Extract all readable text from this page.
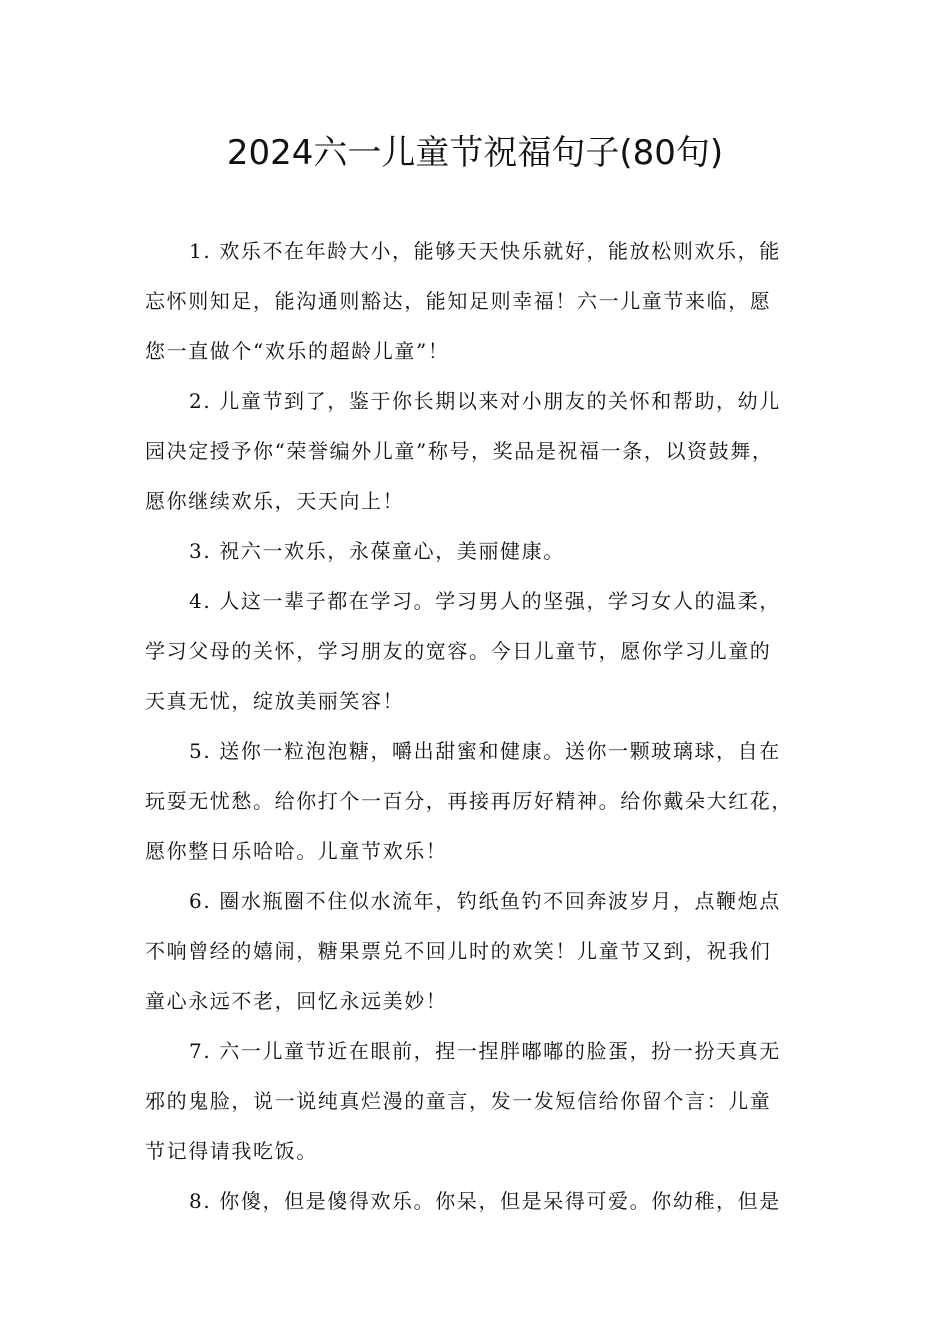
2024六一儿童节祝福句子(80句)
1. 欢乐不在年龄大小，能够天天快乐就好，能放松则欢乐，能
忘怀则知足，能沟通则豁达，能知足则幸福！六一儿童节来临，愿
您一直做个“欢乐的超龄儿童”！
2. 儿童节到了，鉴于你长期以来对小朋友的关怀和帮助，幼儿
园决定授予你“荣誉编外儿童”称号，奖品是祝福一条，以资鼓舞，
愿你继续欢乐，天天向上！
3. 祝六一欢乐，永葆童心，美丽健康。
4. 人这一辈子都在学习。学习男人的坚强，学习女人的温柔，
学习父母的关怀，学习朋友的宽容。今日儿童节，愿你学习儿童的
天真无忧，绽放美丽笑容！
5. 送你一粒泡泡糖，嚼出甜蜜和健康。送你一颗玻璃球，自在
玩耍无忧愁。给你打个一百分，再接再厉好精神。给你戴朵大红花，
愿你整日乐哈哈。儿童节欢乐！
6. 圈水瓶圈不住似水流年，钓纸鱼钓不回奔波岁月，点鞭炮点
不响曾经的嬉闹，糖果票兑不回儿时的欢笑！儿童节又到，祝我们
童心永远不老，回忆永远美妙！
7. 六一儿童节近在眼前，捏一捏胖嘟嘟的脸蛋，扮一扮天真无
邪的鬼脸，说一说纯真烂漫的童言，发一发短信给你留个言：儿童
节记得请我吃饭。
8. 你傻，但是傻得欢乐。你呆，但是呆得可爱。你幼稚，但是
